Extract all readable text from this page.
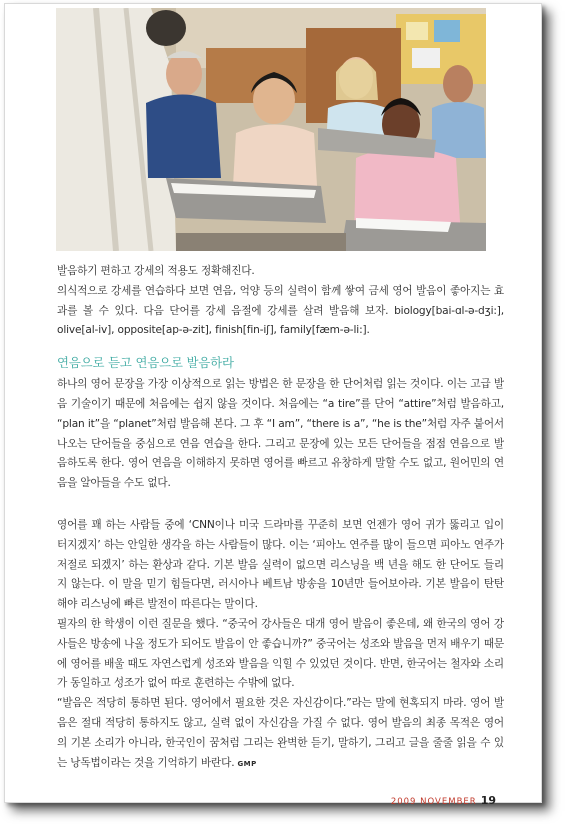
발음하기 편하고 강세의 적용도 정확해진다.

의식적으로 강세를 연습하다 보면 연음, 억양 등의 실력이 함께 쌓여 금세 영어 발음이 좋아지는 효과를 볼 수 있다. 다음 단어를 강세 음절에 강세를 살려 발음해 보자. biology[bai-ɑl-ə-dʒi:], olive[al-iv], opposite[ap-ə-zit], finish[fin-iʃ], family[fæm-ə-li:].

연음으로 듣고 연음으로 발음하라

하나의 영어 문장을 가장 이상적으로 읽는 방법은 한 문장을 한 단어처럼 읽는 것이다. 이는 고급 발음 기술이기 때문에 처음에는 쉽지 않을 것이다. 처음에는 “a tire”를 단어 “attire”처럼 발음하고, “plan it”을 “planet”처럼 발음해 본다. 그 후 “I am”, “there is a”, “he is the”처럼 자주 붙어서 나오는 단어들을 중심으로 연음 연습을 한다. 그리고 문장에 있는 모든 단어들을 점점 연음으로 발음하도록 한다. 영어 연음을 이해하지 못하면 영어를 빠르고 유창하게 말할 수도 없고, 원어민의 연음을 알아들을 수도 없다.

영어를 꽤 하는 사람들 중에 ‘CNN이나 미국 드라마를 꾸준히 보면 언젠가 영어 귀가 뚫리고 입이 터지겠지’ 하는 안일한 생각을 하는 사람들이 많다. 이는 ‘피아노 연주를 많이 들으면 피아노 연주가 저절로 되겠지’ 하는 환상과 같다. 기본 발음 실력이 없으면 리스닝을 백 년을 해도 한 단어도 들리지 않는다. 이 말을 믿기 힘들다면, 러시아나 베트남 방송을 10년만 들어보아라. 기본 발음이 탄탄해야 리스닝에 빠른 발전이 따른다는 말이다.

필자의 한 학생이 이런 질문을 했다. “중국어 강사들은 대개 영어 발음이 좋은데, 왜 한국의 영어 강사들은 방송에 나올 정도가 되어도 발음이 안 좋습니까?” 중국어는 성조와 발음을 먼저 배우기 때문에 영어를 배울 때도 자연스럽게 성조와 발음을 익힐 수 있었던 것이다. 반면, 한국어는 철자와 소리가 동일하고 성조가 없어 따로 훈련하는 수밖에 없다.

“발음은 적당히 통하면 된다. 영어에서 필요한 것은 자신감이다.”라는 말에 현혹되지 마라. 영어 발음은 절대 적당히 통하지도 않고, 실력 없이 자신감을 가질 수 없다. 영어 발음의 최종 목적은 영어의 기본 소리가 아니라, 한국인이 꿈처럼 그리는 완벽한 듣기, 말하기, 그리고 글을 줄줄 읽을 수 있는 낭독법이라는 것을 기억하기 바란다. GMP

2009 NOVEMBER 19
